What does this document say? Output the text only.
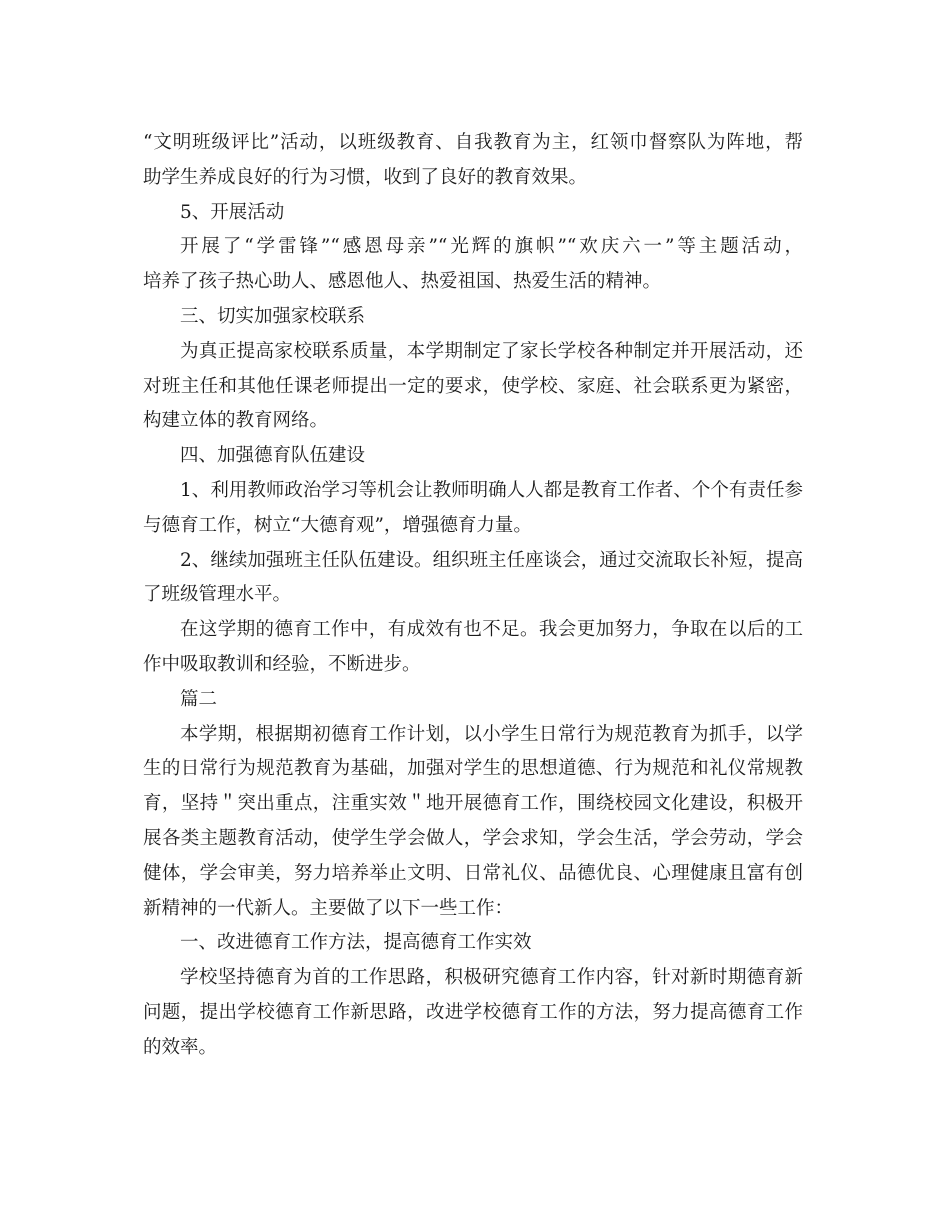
“文明班级评比”活动，以班级教育、自我教育为主，红领巾督察队为阵地，帮
助学生养成良好的行为习惯，收到了良好的教育效果。
5、开展活动
开展了“学雷锋”“感恩母亲”“光辉的旗帜”“欢庆六一”等主题活动，
培养了孩子热心助人、感恩他人、热爱祖国、热爱生活的精神。
三、切实加强家校联系
为真正提高家校联系质量，本学期制定了家长学校各种制定并开展活动，还
对班主任和其他任课老师提出一定的要求，使学校、家庭、社会联系更为紧密，
构建立体的教育网络。
四、加强德育队伍建设
1、利用教师政治学习等机会让教师明确人人都是教育工作者、个个有责任参
与德育工作，树立“大德育观”，增强德育力量。
2、继续加强班主任队伍建设。组织班主任座谈会，通过交流取长补短，提高
了班级管理水平。
在这学期的德育工作中，有成效有也不足。我会更加努力，争取在以后的工
作中吸取教训和经验，不断进步。
篇二
本学期，根据期初德育工作计划，以小学生日常行为规范教育为抓手，以学
生的日常行为规范教育为基础，加强对学生的思想道德、行为规范和礼仪常规教
育，坚持＂突出重点，注重实效＂地开展德育工作，围绕校园文化建设，积极开
展各类主题教育活动，使学生学会做人，学会求知，学会生活，学会劳动，学会
健体，学会审美，努力培养举止文明、日常礼仪、品德优良、心理健康且富有创
新精神的一代新人。主要做了以下一些工作：
一、改进德育工作方法，提高德育工作实效
学校坚持德育为首的工作思路，积极研究德育工作内容，针对新时期德育新
问题，提出学校德育工作新思路，改进学校德育工作的方法，努力提高德育工作
的效率。
